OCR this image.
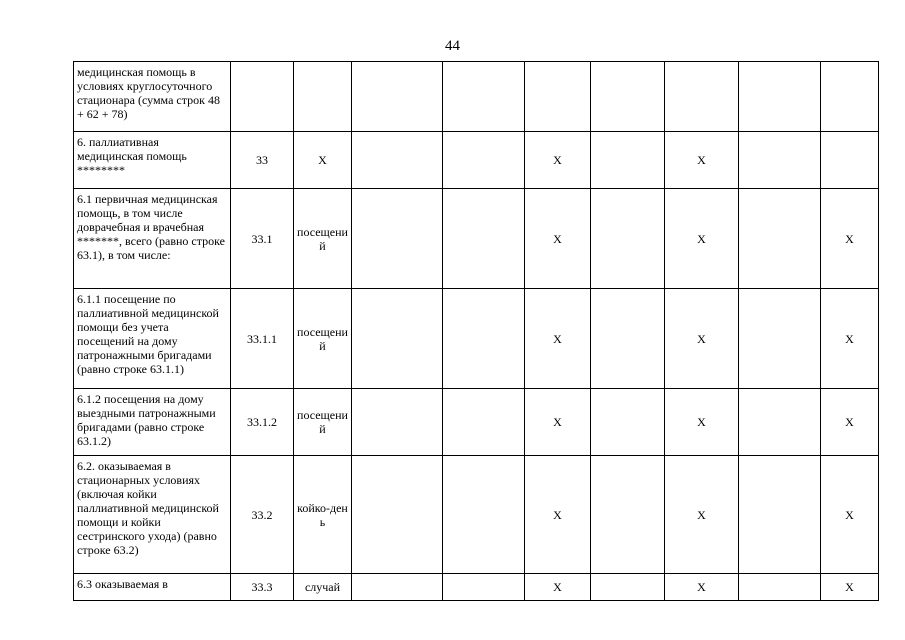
44
медицинская помощь в условиях круглосуточного стационара (сумма строк 48 + 62 + 78)									
6. паллиативная медицинская помощь ********	33	Х			Х		Х		
6.1 первичная медицинская помощь, в том числе доврачебная и врачебная *******, всего (равно строке 63.1), в том числе:	33.1	посещений			Х		Х		Х
6.1.1 посещение по паллиативной медицинской помощи без учета посещений на дому патронажными бригадами (равно строке 63.1.1)	33.1.1	посещений			Х		Х		Х
6.1.2 посещения на дому выездными патронажными бригадами (равно строке 63.1.2)	33.1.2	посещений			Х		Х		Х
6.2. оказываемая в стационарных условиях (включая койки паллиативной медицинской помощи и койки сестринского ухода) (равно строке 63.2)	33.2	койко-день			Х		Х		Х
6.3 оказываемая в	33.3	случай			Х		Х		Х
